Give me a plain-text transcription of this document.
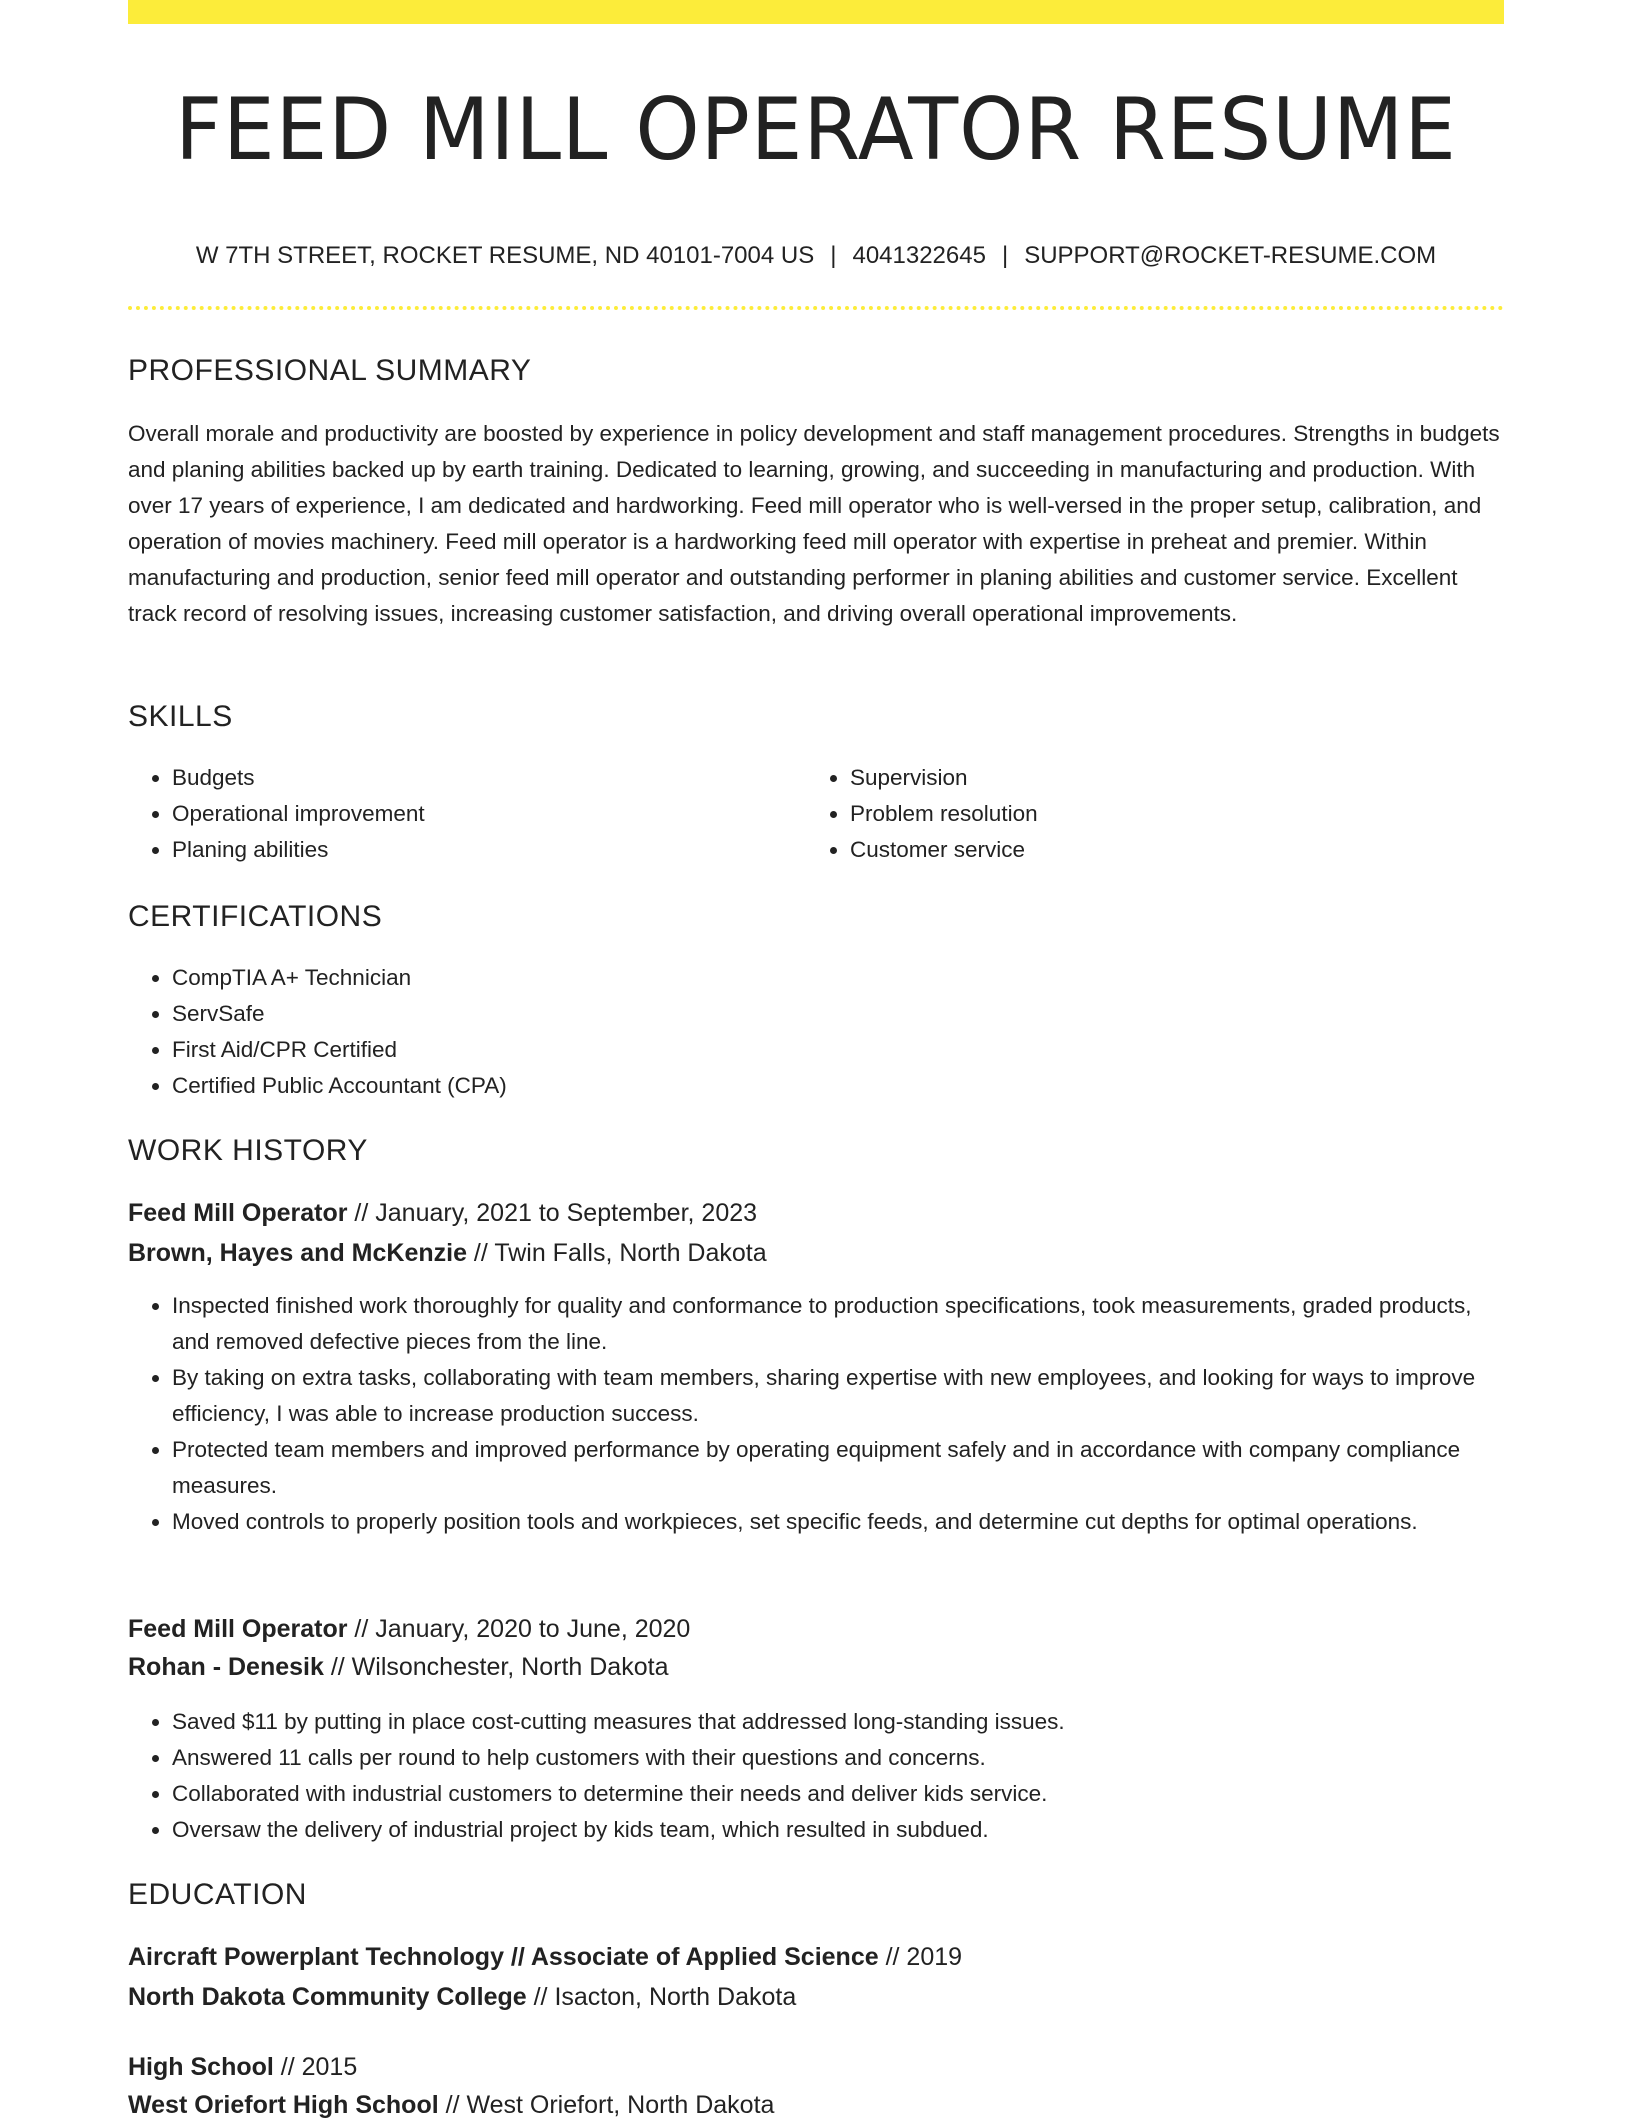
FEED MILL OPERATOR RESUME
W 7TH STREET, ROCKET RESUME, ND 40101-7004 US | 4041322645 | SUPPORT@ROCKET-RESUME.COM
PROFESSIONAL SUMMARY

Overall morale and productivity are boosted by experience in policy development and staff management procedures. Strengths in budgets and planing abilities backed up by earth training. Dedicated to learning, growing, and succeeding in manufacturing and production. With over 17 years of experience, I am dedicated and hardworking. Feed mill operator who is well-versed in the proper setup, calibration, and operation of movies machinery. Feed mill operator is a hardworking feed mill operator with expertise in preheat and premier. Within manufacturing and production, senior feed mill operator and outstanding performer in planing abilities and customer service. Excellent track record of resolving issues, increasing customer satisfaction, and driving overall operational improvements.

SKILLS
• Budgets
• Operational improvement
• Planing abilities
• Supervision
• Problem resolution
• Customer service
CERTIFICATIONS
• CompTIA A+ Technician
• ServSafe
• First Aid/CPR Certified
• Certified Public Accountant (CPA)
WORK HISTORY

Feed Mill Operator // January, 2021 to September, 2023

Brown, Hayes and McKenzie // Twin Falls, North Dakota

• Inspected finished work thoroughly for quality and conformance to production specifications, took measurements, graded products, and removed defective pieces from the line.
• By taking on extra tasks, collaborating with team members, sharing expertise with new employees, and looking for ways to improve efficiency, I was able to increase production success.
• Protected team members and improved performance by operating equipment safely and in accordance with company compliance measures.
• Moved controls to properly position tools and workpieces, set specific feeds, and determine cut depths for optimal operations.

Feed Mill Operator // January, 2020 to June, 2020

Rohan - Denesik // Wilsonchester, North Dakota

• Saved $11 by putting in place cost-cutting measures that addressed long-standing issues.
• Answered 11 calls per round to help customers with their questions and concerns.
• Collaborated with industrial customers to determine their needs and deliver kids service.
• Oversaw the delivery of industrial project by kids team, which resulted in subdued.
EDUCATION

Aircraft Powerplant Technology // Associate of Applied Science // 2019

North Dakota Community College // Isacton, North Dakota

High School // 2015

West Oriefort High School // West Oriefort, North Dakota
